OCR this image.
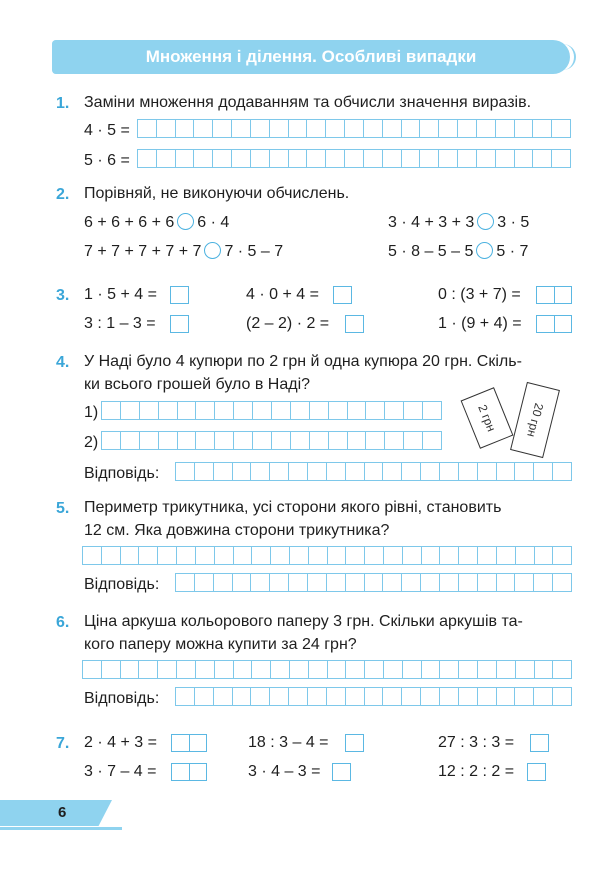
Множення і ділення. Особливі випадки
1. Заміни множення додаванням та обчисли значення виразів.
4 · 5 =
5 · 6 =
2. Порівняй, не виконуючи обчислень.
6 + 6 + 6 + 6 6 · 4	3 · 4 + 3 + 3 3 · 5
7 + 7 + 7 + 7 + 7 7 · 5 – 7	5 · 8 – 5 – 5 5 · 7
3. 1 · 5 + 4 =	4 · 0 + 4 =	0 : (3 + 7) =
3 : 1 – 3 =	(2 – 2) · 2 =	1 · (9 + 4) =
4. У Наді було 4 купюри по 2 грн й одна купюра 20 грн. Скіль-
ки всього грошей було в Наді?
1)
2)
Відповідь:
2 грн 20 грн
5. Периметр трикутника, усі сторони якого рівні, становить
12 см. Яка довжина сторони трикутника?
Відповідь:
6. Ціна аркуша кольорового паперу 3 грн. Скільки аркушів та-
кого паперу можна купити за 24 грн?
Відповідь:
7. 2 · 4 + 3 =	18 : 3 – 4 =	27 : 3 : 3 =
3 · 7 – 4 =	3 · 4 – 3 =	12 : 2 : 2 =
6
